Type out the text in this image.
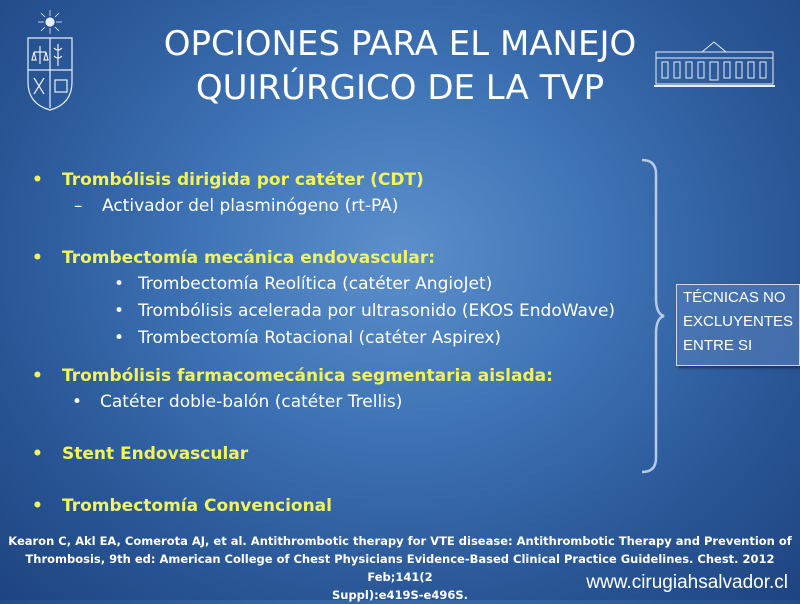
OPCIONES PARA EL MANEJO
QUIRÚRGICO DE LA TVP
• Trombólisis dirigida por catéter (CDT)
– Activador del plasminógeno (rt-PA)
• Trombectomía mecánica endovascular:
• Trombectomía Reolítica (catéter AngioJet)
• Trombólisis acelerada por ultrasonido (EKOS EndoWave)
• Trombectomía Rotacional (catéter Aspirex)
• Trombólisis farmacomecánica segmentaria aislada:
• Catéter doble-balón (catéter Trellis)
• Stent Endovascular
• Trombectomía Convencional
TÉCNICAS NO
EXCLUYENTES
ENTRE SI
Kearon C, Akl EA, Comerota AJ, et al. Antithrombotic therapy for VTE disease: Antithrombotic Therapy and Prevention of
Thrombosis, 9th ed: American College of Chest Physicians Evidence-Based Clinical Practice Guidelines. Chest. 2012 Feb;141(2
Suppl):e419S-e496S.
www.cirugiahsalvador.cl
